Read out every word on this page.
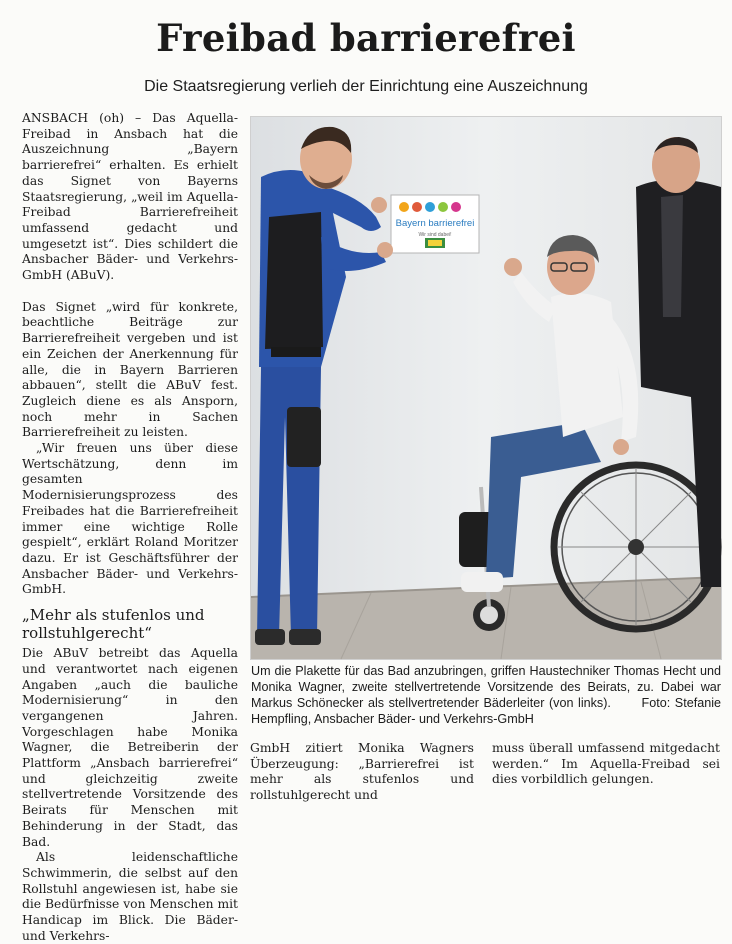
Freibad barrierefrei
Die Staatsregierung verlieh der Einrichtung eine Auszeichnung

ANSBACH (oh) – Das Aquella-Freibad in Ansbach hat die Auszeichnung „Bayern barrierefrei“ erhalten. Es erhielt das Signet von Bayerns Staatsregierung, „weil im Aquella-Freibad Barrierefreiheit umfassend gedacht und umgesetzt ist“. Dies schildert die Ansbacher Bäder- und Verkehrs-GmbH (ABuV).

Das Signet „wird für konkrete, beachtliche Beiträge zur Barrierefreiheit vergeben und ist ein Zeichen der Anerkennung für alle, die in Bayern Barrieren abbauen“, stellt die ABuV fest. Zugleich diene es als Ansporn, noch mehr in Sachen Barrierefreiheit zu leisten.

„Wir freuen uns über diese Wertschätzung, denn im gesamten Modernisierungsprozess des Freibades hat die Barrierefreiheit immer eine wichtige Rolle gespielt“, erklärt Roland Moritzer dazu. Er ist Geschäftsführer der Ansbacher Bäder- und Verkehrs-GmbH.

„Mehr als stufenlos und rollstuhlgerecht“

Die ABuV betreibt das Aquella und verantwortet nach eigenen Angaben „auch die bauliche Modernisierung“ in den vergangenen Jahren. Vorgeschlagen habe Monika Wagner, die Betreiberin der Plattform „Ansbach barrierefrei“ und gleichzeitig zweite stellvertretende Vorsitzende des Beirats für Menschen mit Behinderung in der Stadt, das Bad.

Als leidenschaftliche Schwimmerin, die selbst auf den Rollstuhl angewiesen ist, habe sie die Bedürfnisse von Menschen mit Handicap im Blick. Die Bäder- und Verkehrs-

Bayern barrierefrei
Wir sind dabei!
Um die Plakette für das Bad anzubringen, griffen Haustechniker Thomas Hecht und Monika Wagner, zweite stellvertretende Vorsitzende des Beirats, zu. Dabei war Markus Schönecker als stellvertretender Bäderleiter (von links). Foto: Stefanie Hempfling, Ansbacher Bäder- und Verkehrs-GmbH

GmbH zitiert Monika Wagners Überzeugung: „Barrierefrei ist mehr als stufenlos und rollstuhlgerecht und

muss überall umfassend mitgedacht werden.“ Im Aquella-Freibad sei dies vorbildlich gelungen.
